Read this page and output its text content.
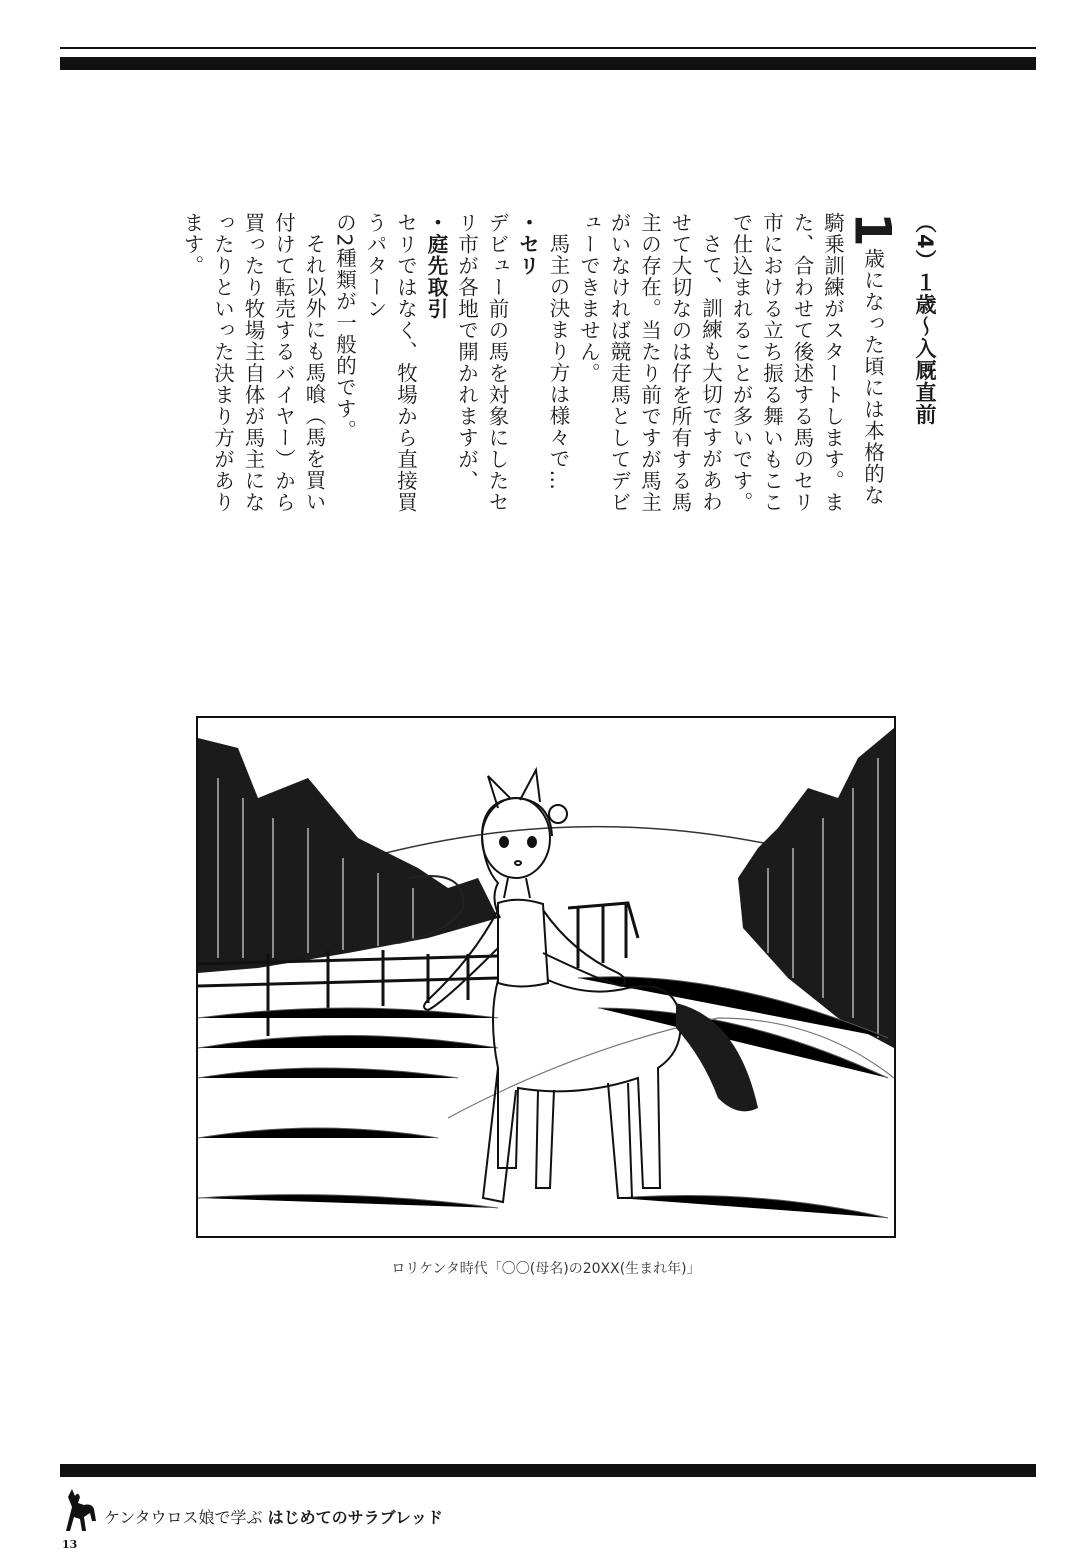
（4）１歳〜入厩直前

1歳になった頃には本格的な騎乗訓練がスタートします。また、合わせて後述する馬のセリ市における立ち振る舞いもここで仕込まれることが多いです。

さて、訓練も大切ですがあわせて大切なのは仔を所有する馬主の存在。当たり前ですが馬主がいなければ競走馬としてデビューできません。

馬主の決まり方は様々で…

・セリ

デビュー前の馬を対象にしたセリ市が各地で開かれますが、

・庭先取引

セリではなく、牧場から直接買うパターン

の2種類が一般的です。

それ以外にも馬喰（馬を買い付けて転売するバイヤー）から買ったり牧場主自体が馬主になったりといった決まり方があります。

ロリケンタ時代「〇〇(母名)の20XX(生まれ年)」
13
ケンタウロス娘で学ぶ はじめてのサラブレッド
